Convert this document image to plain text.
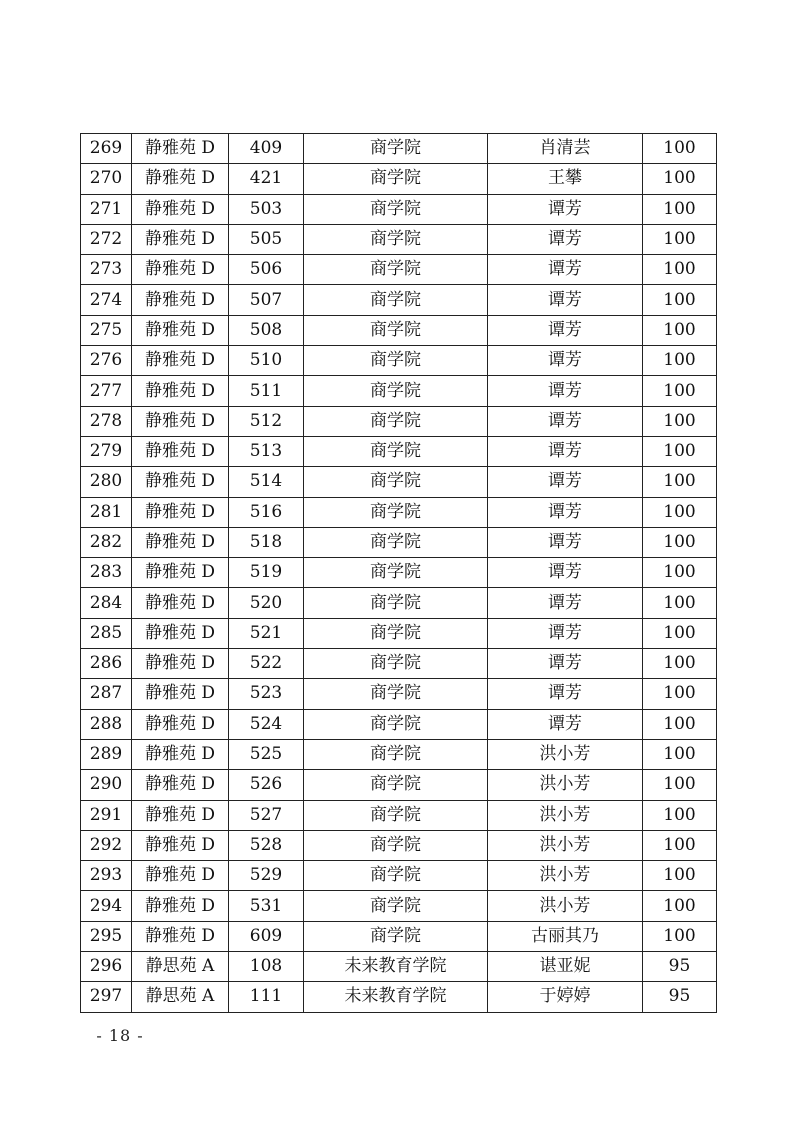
269	静雅苑 D	409	商学院	肖清芸	100
270	静雅苑 D	421	商学院	王攀	100
271	静雅苑 D	503	商学院	谭芳	100
272	静雅苑 D	505	商学院	谭芳	100
273	静雅苑 D	506	商学院	谭芳	100
274	静雅苑 D	507	商学院	谭芳	100
275	静雅苑 D	508	商学院	谭芳	100
276	静雅苑 D	510	商学院	谭芳	100
277	静雅苑 D	511	商学院	谭芳	100
278	静雅苑 D	512	商学院	谭芳	100
279	静雅苑 D	513	商学院	谭芳	100
280	静雅苑 D	514	商学院	谭芳	100
281	静雅苑 D	516	商学院	谭芳	100
282	静雅苑 D	518	商学院	谭芳	100
283	静雅苑 D	519	商学院	谭芳	100
284	静雅苑 D	520	商学院	谭芳	100
285	静雅苑 D	521	商学院	谭芳	100
286	静雅苑 D	522	商学院	谭芳	100
287	静雅苑 D	523	商学院	谭芳	100
288	静雅苑 D	524	商学院	谭芳	100
289	静雅苑 D	525	商学院	洪小芳	100
290	静雅苑 D	526	商学院	洪小芳	100
291	静雅苑 D	527	商学院	洪小芳	100
292	静雅苑 D	528	商学院	洪小芳	100
293	静雅苑 D	529	商学院	洪小芳	100
294	静雅苑 D	531	商学院	洪小芳	100
295	静雅苑 D	609	商学院	古丽其乃	100
296	静思苑 A	108	未来教育学院	谌亚妮	95
297	静思苑 A	111	未来教育学院	于婷婷	95
- 18 -
